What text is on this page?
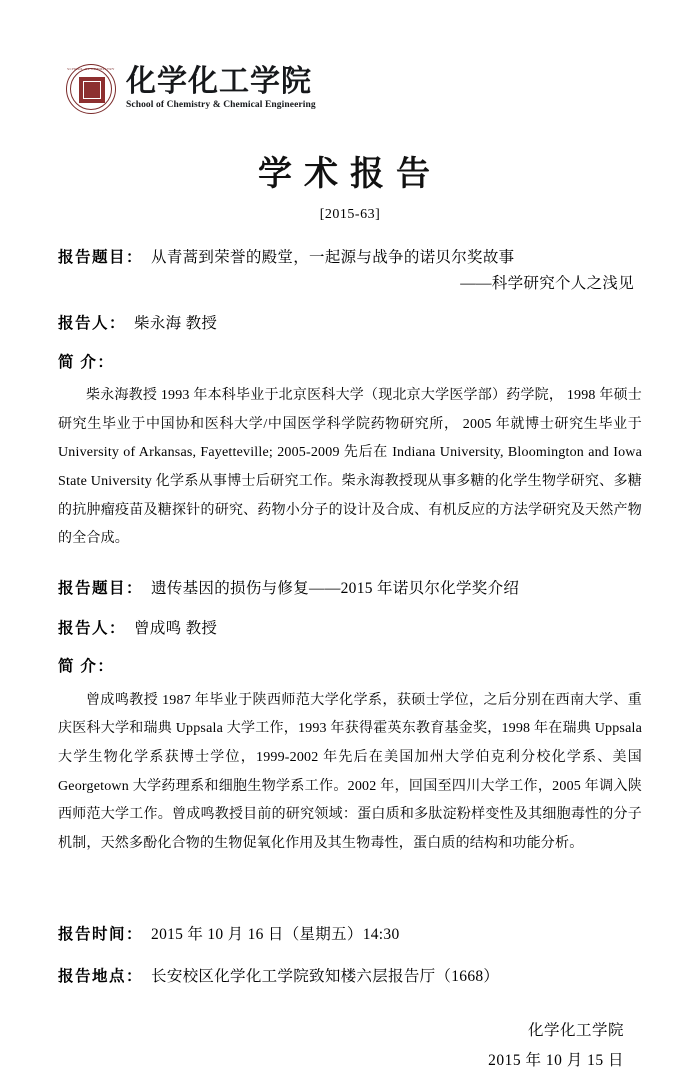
SCHOOL OF CHEMISTRY 化学化工学院
School of Chemistry & Chemical Engineering
学术报告
[2015-63]
报告题目： 从青蒿到荣誉的殿堂，一起源与战争的诺贝尔奖故事
——科学研究个人之浅见
报告人： 柴永海 教授
简 介：
柴永海教授 1993 年本科毕业于北京医科大学（现北京大学医学部）药学院， 1998 年硕士研究生毕业于中国协和医科大学/中国医学科学院药物研究所， 2005 年就博士研究生毕业于 University of Arkansas, Fayetteville; 2005-2009 先后在 Indiana University, Bloomington and Iowa State University 化学系从事博士后研究工作。柴永海教授现从事多糖的化学生物学研究、多糖的抗肿瘤疫苗及糖探针的研究、药物小分子的设计及合成、有机反应的方法学研究及天然产物的全合成。
报告题目： 遗传基因的损伤与修复——2015 年诺贝尔化学奖介绍
报告人： 曾成鸣 教授
简 介：
曾成鸣教授 1987 年毕业于陕西师范大学化学系，获硕士学位，之后分别在西南大学、重庆医科大学和瑞典 Uppsala 大学工作，1993 年获得霍英东教育基金奖，1998 年在瑞典 Uppsala 大学生物化学系获博士学位，1999-2002 年先后在美国加州大学伯克利分校化学系、美国 Georgetown 大学药理系和细胞生物学系工作。2002 年，回国至四川大学工作，2005 年调入陕西师范大学工作。曾成鸣教授目前的研究领域：蛋白质和多肽淀粉样变性及其细胞毒性的分子机制，天然多酚化合物的生物促氧化作用及其生物毒性，蛋白质的结构和功能分析。
报告时间： 2015 年 10 月 16 日（星期五）14:30
报告地点： 长安校区化学化工学院致知楼六层报告厅（1668）
化学化工学院
2015 年 10 月 15 日
